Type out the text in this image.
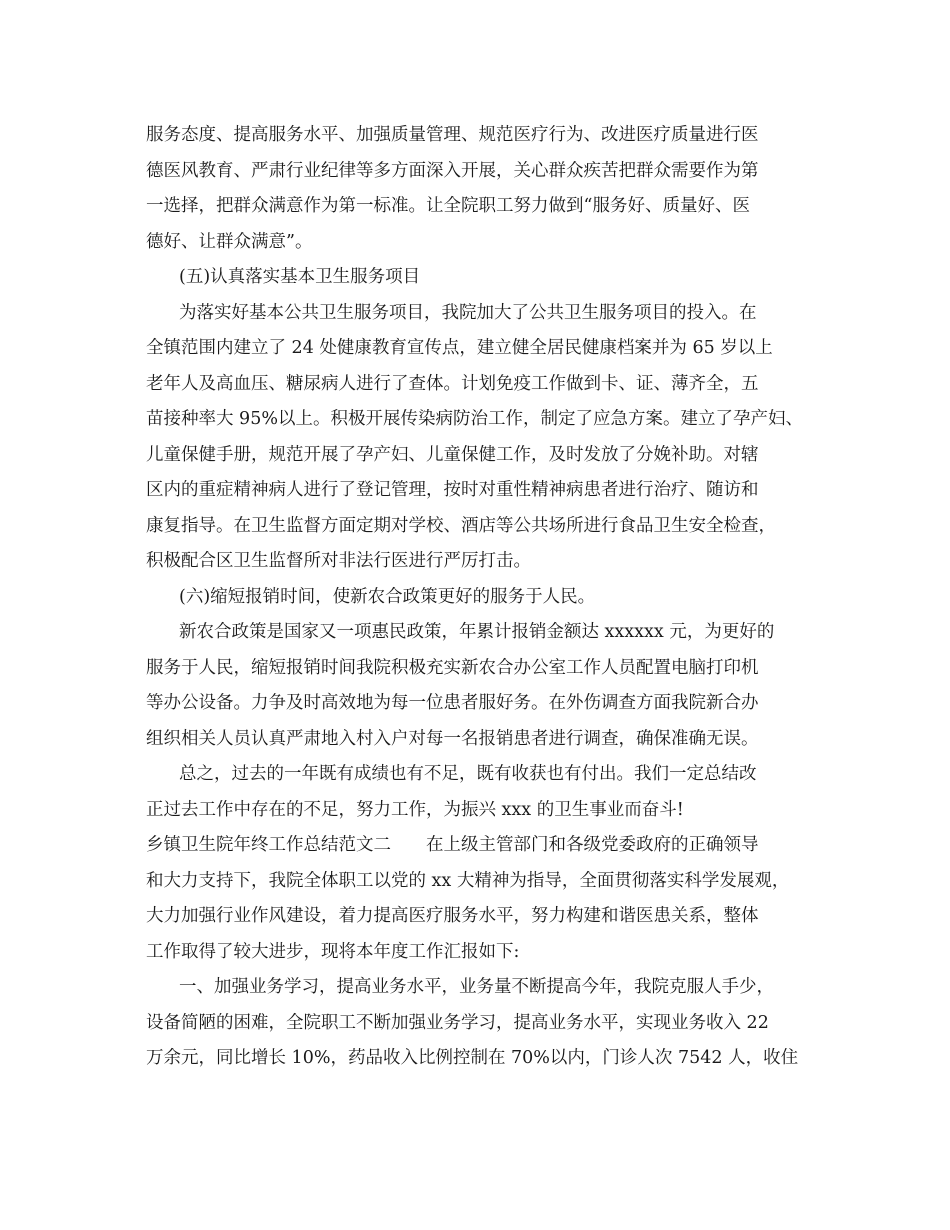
服务态度、提高服务水平、加强质量管理、规范医疗行为、改进医疗质量进行医
德医风教育、严肃行业纪律等多方面深入开展，关心群众疾苦把群众需要作为第
一选择，把群众满意作为第一标准。让全院职工努力做到“服务好、质量好、医
德好、让群众满意”。
(五)认真落实基本卫生服务项目
为落实好基本公共卫生服务项目，我院加大了公共卫生服务项目的投入。在
全镇范围内建立了 24 处健康教育宣传点，建立健全居民健康档案并为 65 岁以上
老年人及高血压、糖尿病人进行了查体。计划免疫工作做到卡、证、薄齐全，五
苗接种率大 95%以上。积极开展传染病防治工作，制定了应急方案。建立了孕产妇、
儿童保健手册，规范开展了孕产妇、儿童保健工作，及时发放了分娩补助。对辖
区内的重症精神病人进行了登记管理，按时对重性精神病患者进行治疗、随访和
康复指导。在卫生监督方面定期对学校、酒店等公共场所进行食品卫生安全检查，
积极配合区卫生监督所对非法行医进行严厉打击。
(六)缩短报销时间，使新农合政策更好的服务于人民。
新农合政策是国家又一项惠民政策，年累计报销金额达 xxxxxx 元，为更好的
服务于人民，缩短报销时间我院积极充实新农合办公室工作人员配置电脑打印机
等办公设备。力争及时高效地为每一位患者服好务。在外伤调查方面我院新合办
组织相关人员认真严肃地入村入户对每一名报销患者进行调查，确保准确无误。
总之，过去的一年既有成绩也有不足，既有收获也有付出。我们一定总结改
正过去工作中存在的不足，努力工作，为振兴 xxx 的卫生事业而奋斗!
乡镇卫生院年终工作总结范文二　　在上级主管部门和各级党委政府的正确领导
和大力支持下，我院全体职工以党的 xx 大精神为指导，全面贯彻落实科学发展观，
大力加强行业作风建设，着力提高医疗服务水平，努力构建和谐医患关系，整体
工作取得了较大进步，现将本年度工作汇报如下:
一、加强业务学习，提高业务水平，业务量不断提高今年，我院克服人手少，
设备简陋的困难，全院职工不断加强业务学习，提高业务水平，实现业务收入 22
万余元，同比增长 10%，药品收入比例控制在 70%以内，门诊人次 7542 人，收住
